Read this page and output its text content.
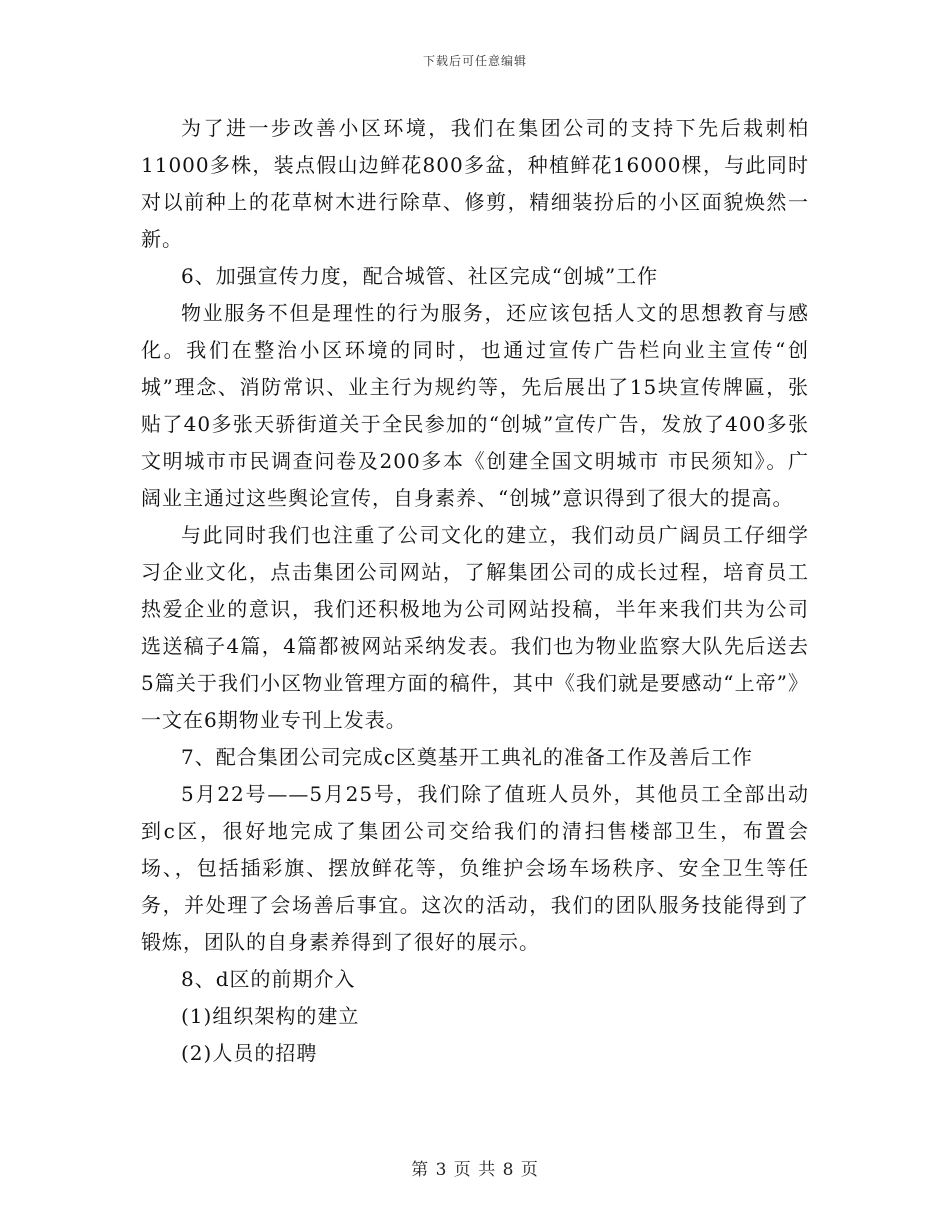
下载后可任意编辑

为了进一步改善小区环境，我们在集团公司的支持下先后栽刺柏11000多株，装点假山边鲜花800多盆，种植鲜花16000棵，与此同时对以前种上的花草树木进行除草、修剪，精细装扮后的小区面貌焕然一新。

6、加强宣传力度，配合城管、社区完成“创城”工作

物业服务不但是理性的行为服务，还应该包括人文的思想教育与感化。我们在整治小区环境的同时，也通过宣传广告栏向业主宣传“创城”理念、消防常识、业主行为规约等，先后展出了15块宣传牌匾，张贴了40多张天骄街道关于全民参加的“创城”宣传广告，发放了400多张文明城市市民调查问卷及200多本《创建全国文明城市 市民须知》。广阔业主通过这些舆论宣传，自身素养、“创城”意识得到了很大的提高。

与此同时我们也注重了公司文化的建立，我们动员广阔员工仔细学习企业文化，点击集团公司网站，了解集团公司的成长过程，培育员工热爱企业的意识，我们还积极地为公司网站投稿，半年来我们共为公司选送稿子4篇，4篇都被网站采纳发表。我们也为物业监察大队先后送去5篇关于我们小区物业管理方面的稿件，其中《我们就是要感动“上帝”》一文在6期物业专刊上发表。

7、配合集团公司完成c区奠基开工典礼的准备工作及善后工作

5月22号——5月25号，我们除了值班人员外，其他员工全部出动到c区，很好地完成了集团公司交给我们的清扫售楼部卫生，布置会场、，包括插彩旗、摆放鲜花等，负维护会场车场秩序、安全卫生等任务，并处理了会场善后事宜。这次的活动，我们的团队服务技能得到了锻炼，团队的自身素养得到了很好的展示。

8、d区的前期介入

(1)组织架构的建立

(2)人员的招聘

第 3 页 共 8 页
